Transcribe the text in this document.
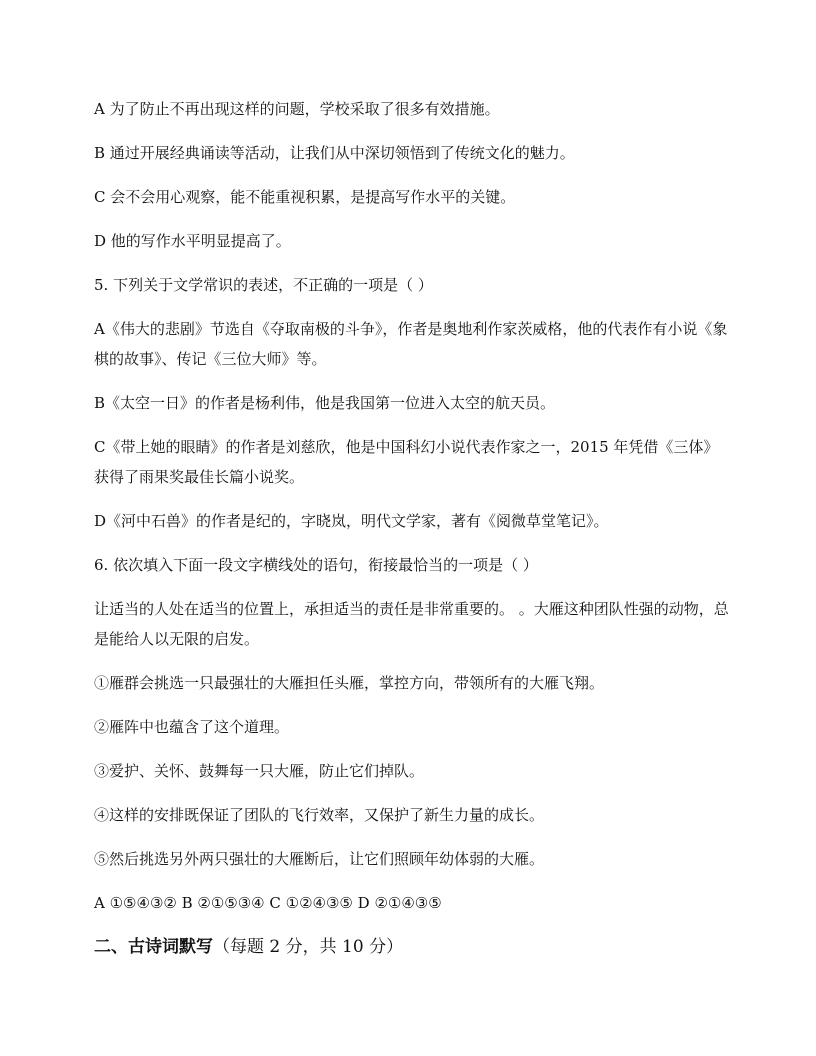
A 为了防止不再出现这样的问题，学校采取了很多有效措施。

B 通过开展经典诵读等活动，让我们从中深切领悟到了传统文化的魅力。

C 会不会用心观察，能不能重视积累，是提高写作水平的关键。

D 他的写作水平明显提高了。

5. 下列关于文学常识的表述，不正确的一项是（ ）

A《伟大的悲剧》节选自《夺取南极的斗争》，作者是奥地利作家茨威格，他的代表作有小说《象棋的故事》、传记《三位大师》等。

B《太空一日》的作者是杨利伟，他是我国第一位进入太空的航天员。

C《带上她的眼睛》的作者是刘慈欣，他是中国科幻小说代表作家之一，2015 年凭借《三体》获得了雨果奖最佳长篇小说奖。

D《河中石兽》的作者是纪的，字晓岚，明代文学家，著有《阅微草堂笔记》。

6. 依次填入下面一段文字横线处的语句，衔接最恰当的一项是（ ）

让适当的人处在适当的位置上，承担适当的责任是非常重要的。 。大雁这种团队性强的动物，总是能给人以无限的启发。

①雁群会挑选一只最强壮的大雁担任头雁，掌控方向，带领所有的大雁飞翔。

②雁阵中也蕴含了这个道理。

③爱护、关怀、鼓舞每一只大雁，防止它们掉队。

④这样的安排既保证了团队的飞行效率，又保护了新生力量的成长。

⑤然后挑选另外两只强壮的大雁断后，让它们照顾年幼体弱的大雁。

A ①⑤④③② B ②①⑤③④ C ①②④③⑤ D ②①④③⑤

二、古诗词默写（每题 2 分，共 10 分）
